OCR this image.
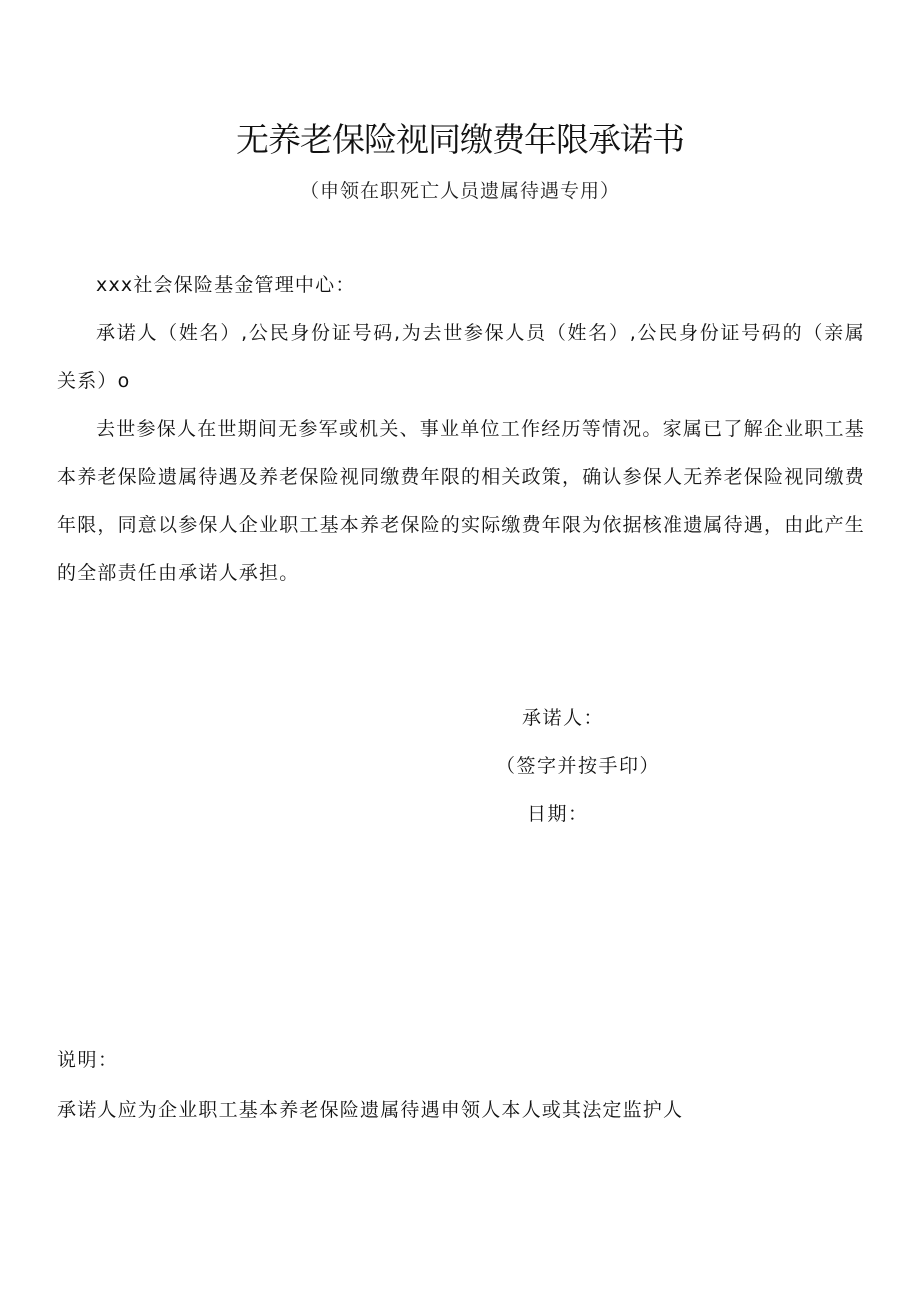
无养老保险视同缴费年限承诺书
（申领在职死亡人员遗属待遇专用）
xxx社会保险基金管理中心：
承诺人（姓名）,公民身份证号码,为去世参保人员（姓名）,公民身份证号码的（亲属关系）o
去世参保人在世期间无参军或机关、事业单位工作经历等情况。家属已了解企业职工基本养老保险遗属待遇及养老保险视同缴费年限的相关政策，确认参保人无养老保险视同缴费年限，同意以参保人企业职工基本养老保险的实际缴费年限为依据核准遗属待遇，由此产生的全部责任由承诺人承担。
承诺人：
（签字并按手印）
日期：
说明：
承诺人应为企业职工基本养老保险遗属待遇申领人本人或其法定监护人
